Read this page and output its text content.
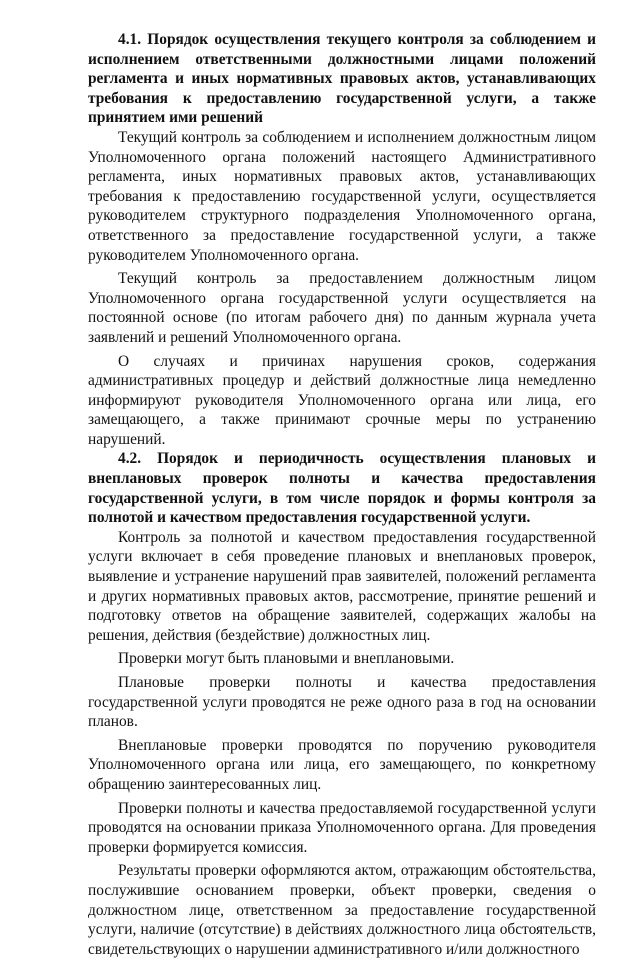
4.1. Порядок осуществления текущего контроля за соблюдением и исполнением ответственными должностными лицами положений регламента и иных нормативных правовых актов, устанавливающих требования к предоставлению государственной услуги, а также принятием ими решений

Текущий контроль за соблюдением и исполнением должностным лицом Уполномоченного органа положений настоящего Административного регламента, иных нормативных правовых актов, устанавливающих требования к предоставлению государственной услуги, осуществляется руководителем структурного подразделения Уполномоченного органа, ответственного за предоставление государственной услуги, а также руководителем Уполномоченного органа.

Текущий контроль за предоставлением должностным лицом Уполномоченного органа государственной услуги осуществляется на постоянной основе (по итогам рабочего дня) по данным журнала учета заявлений и решений Уполномоченного органа.

О случаях и причинах нарушения сроков, содержания административных процедур и действий должностные лица немедленно информируют руководителя Уполномоченного органа или лица, его замещающего, а также принимают срочные меры по устранению нарушений.

4.2. Порядок и периодичность осуществления плановых и внеплановых проверок полноты и качества предоставления государственной услуги, в том числе порядок и формы контроля за полнотой и качеством предоставления государственной услуги.

Контроль за полнотой и качеством предоставления государственной услуги включает в себя проведение плановых и внеплановых проверок, выявление и устранение нарушений прав заявителей, положений регламента и других нормативных правовых актов, рассмотрение, принятие решений и подготовку ответов на обращение заявителей, содержащих жалобы на решения, действия (бездействие) должностных лиц.

Проверки могут быть плановыми и внеплановыми.

Плановые проверки полноты и качества предоставления государственной услуги проводятся не реже одного раза в год на основании планов.

Внеплановые проверки проводятся по поручению руководителя Уполномоченного органа или лица, его замещающего, по конкретному обращению заинтересованных лиц.

Проверки полноты и качества предоставляемой государственной услуги проводятся на основании приказа Уполномоченного органа. Для проведения проверки формируется комиссия.

Результаты проверки оформляются актом, отражающим обстоятельства, послужившие основанием проверки, объект проверки, сведения о должностном лице, ответственном за предоставление государственной услуги, наличие (отсутствие) в действиях должностного лица обстоятельств, свидетельствующих о нарушении административного и/или должностного
